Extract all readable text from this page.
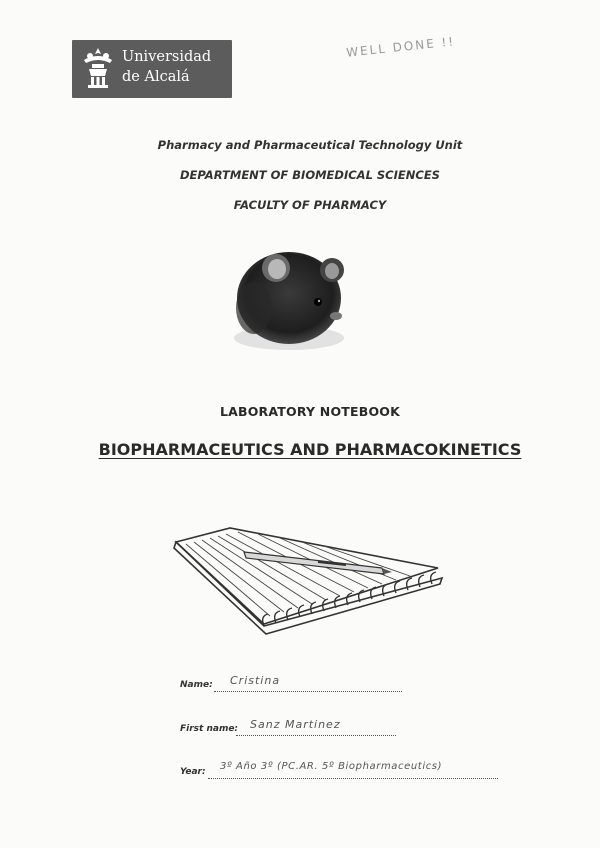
Universidad
de Alcalá
WELL DONE !!
Pharmacy and Pharmaceutical Technology Unit
DEPARTMENT OF BIOMEDICAL SCIENCES
FACULTY OF PHARMACY
LABORATORY NOTEBOOK
BIOPHARMACEUTICS AND PHARMACOKINETICS
Name: Cristina
First name: Sanz Martinez
Year: 3º Año 3º (PC.AR. 5º Biopharmaceutics)
